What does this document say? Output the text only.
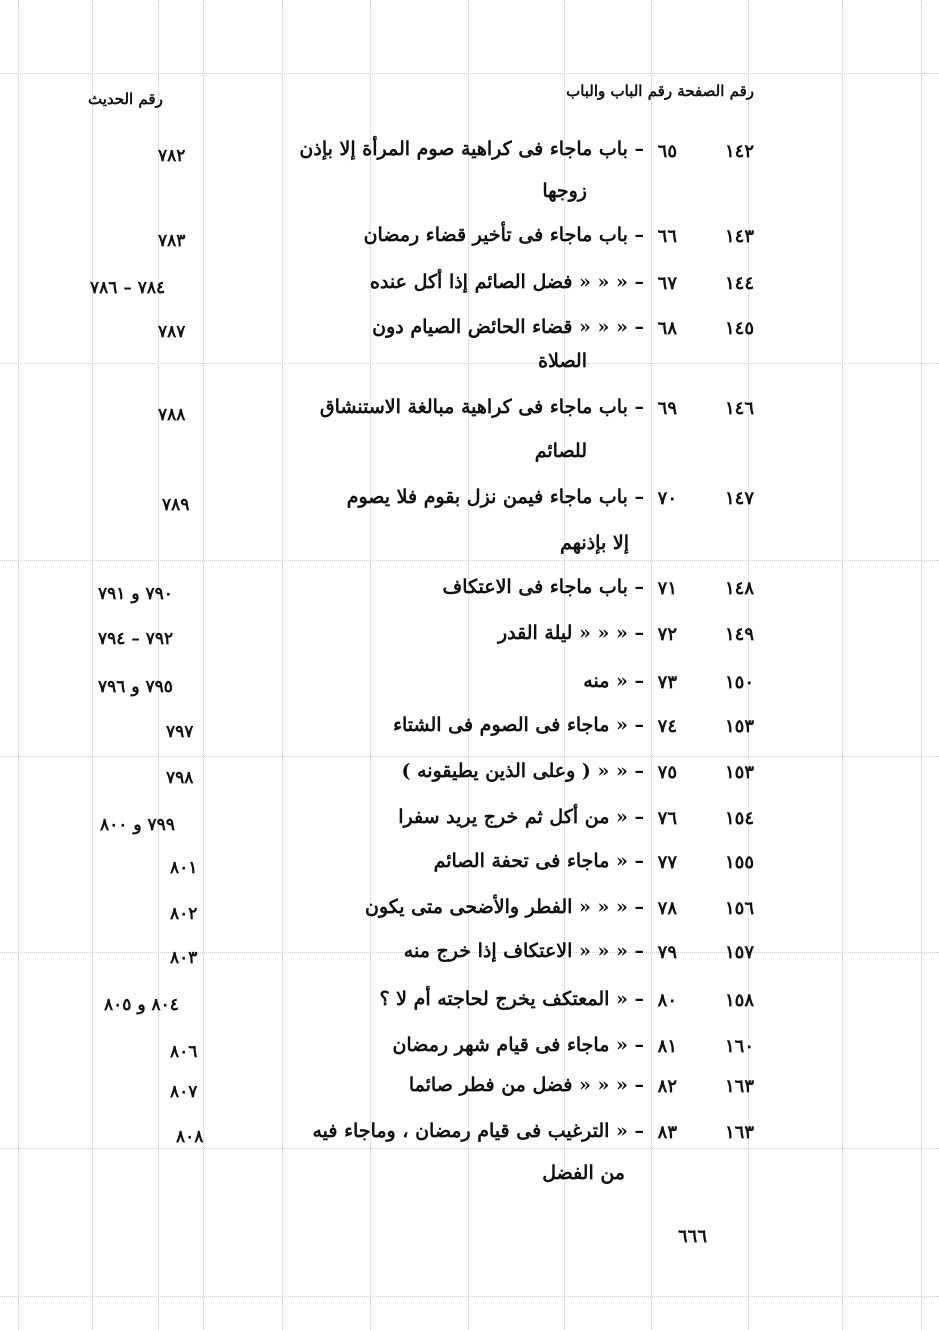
رقم الصفحة رقم الباب والباب
رقم الحديث
١٤٢
٦٥
– باب ماجاء فى كراهية صوم المرأة إلا بإذن
٧٨٢
زوجها
١٤٣
٦٦
– باب ماجاء فى تأخير قضاء رمضان
٧٨٣
١٤٤
٦٧
– « « « فضل الصائم إذا أكل عنده
٧٨٤ – ٧٨٦
١٤٥
٦٨
– « « « قضاء الحائض الصيام دون
٧٨٧
الصلاة
١٤٦
٦٩
– باب ماجاء فى كراهية مبالغة الاستنشاق
٧٨٨
للصائم
١٤٧
٧٠
– باب ماجاء فيمن نزل بقوم فلا يصوم
٧٨٩
إلا بإذنهم
١٤٨
٧١
– باب ماجاء فى الاعتكاف
٧٩٠ و ٧٩١
١٤٩
٧٢
– « « « ليلة القدر
٧٩٢ – ٧٩٤
١٥٠
٧٣
– « منه
٧٩٥ و ٧٩٦
١٥٣
٧٤
– « ماجاء فى الصوم فى الشتاء
٧٩٧
١٥٣
٧٥
– « « ( وعلى الذين يطيقونه )
٧٩٨
١٥٤
٧٦
– « من أكل ثم خرج يريد سفرا
٧٩٩ و ٨٠٠
١٥٥
٧٧
– « ماجاء فى تحفة الصائم
٨٠١
١٥٦
٧٨
– « « « الفطر والأضحى متى يكون
٨٠٢
١٥٧
٧٩
– « « « الاعتكاف إذا خرج منه
٨٠٣
١٥٨
٨٠
– « المعتكف يخرج لحاجته أم لا ؟
٨٠٤ و ٨٠٥
١٦٠
٨١
– « ماجاء فى قيام شهر رمضان
٨٠٦
١٦٣
٨٢
– « « « فضل من فطر صائما
٨٠٧
١٦٣
٨٣
– « الترغيب فى قيام رمضان ، وماجاء فيه
٨٠٨
من الفضل
٦٦٦
